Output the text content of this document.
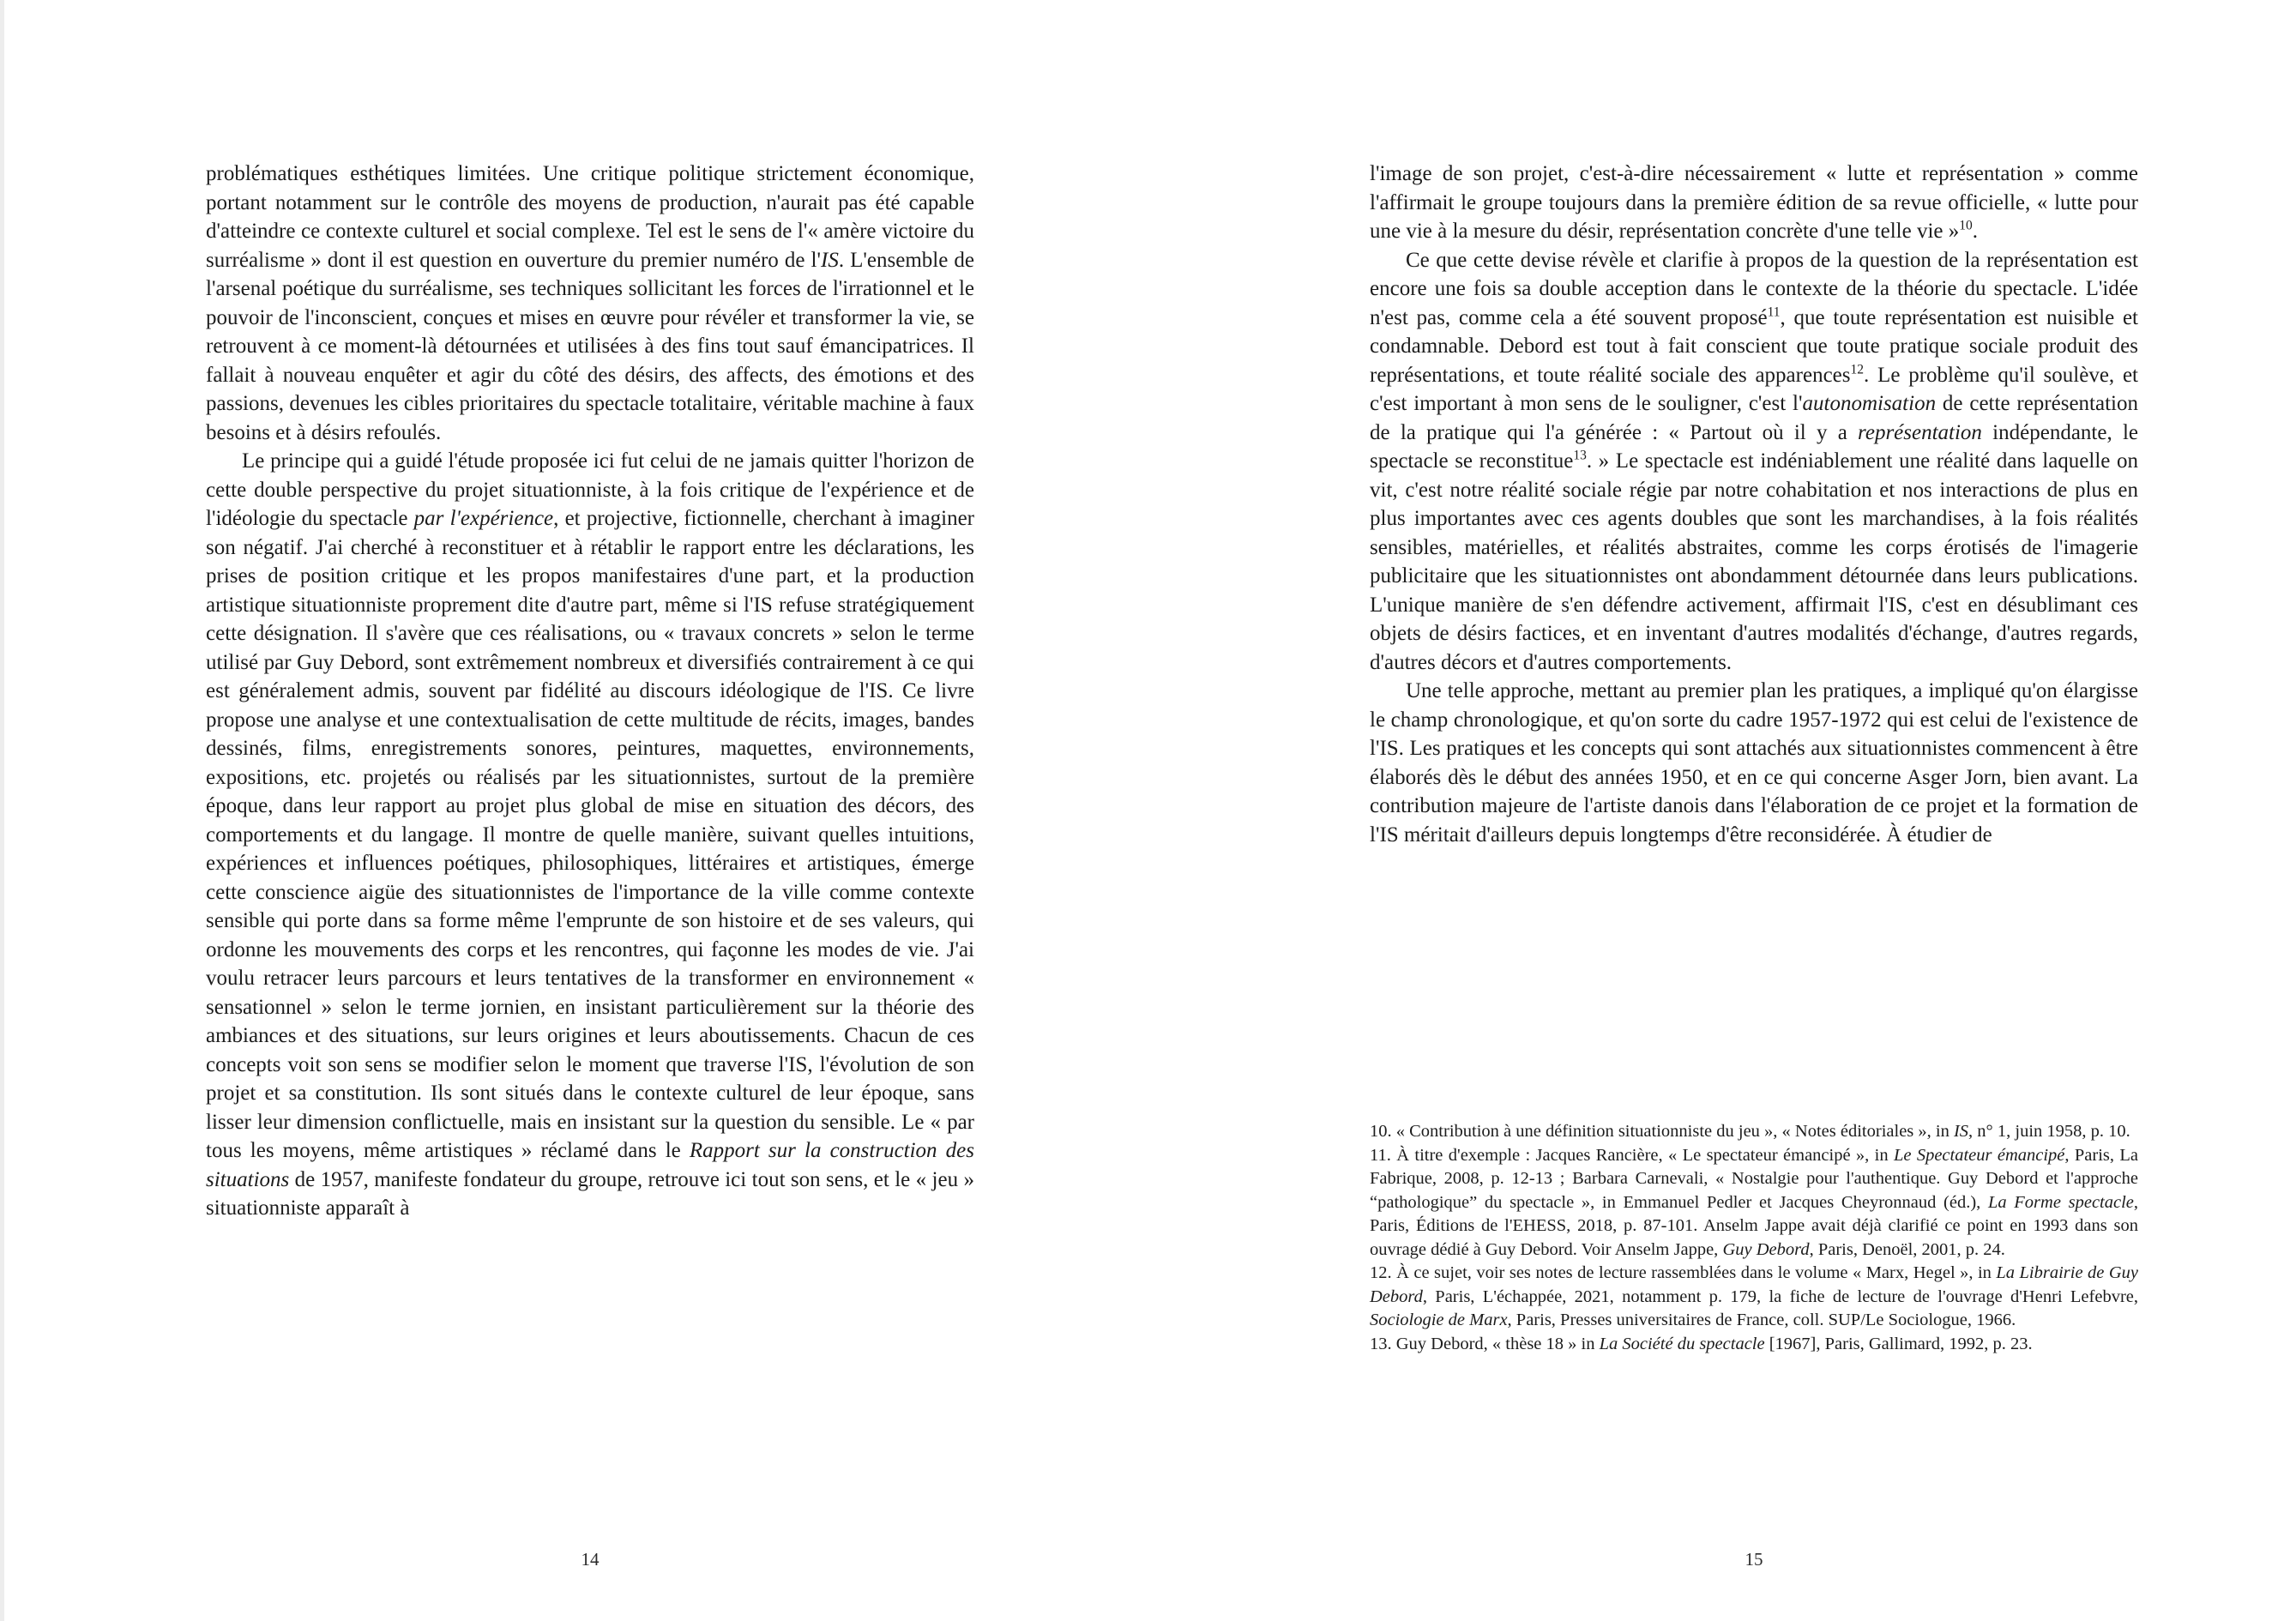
problématiques esthétiques limitées. Une critique politique strictement économique, portant notamment sur le contrôle des moyens de production, n'aurait pas été capable d'atteindre ce contexte culturel et social complexe. Tel est le sens de l'« amère victoire du surréalisme » dont il est question en ouverture du premier numéro de l'IS. L'ensemble de l'arsenal poétique du surréalisme, ses techniques sollicitant les forces de l'irrationnel et le pouvoir de l'inconscient, conçues et mises en œuvre pour révéler et transformer la vie, se retrouvent à ce moment-là détournées et utilisées à des fins tout sauf émancipatrices. Il fallait à nouveau enquêter et agir du côté des désirs, des affects, des émotions et des passions, devenues les cibles prioritaires du spectacle totalitaire, véritable machine à faux besoins et à désirs refoulés.

Le principe qui a guidé l'étude proposée ici fut celui de ne jamais quitter l'horizon de cette double perspective du projet situationniste, à la fois critique de l'expérience et de l'idéologie du spectacle par l'expérience, et projective, fictionnelle, cherchant à imaginer son négatif. J'ai cherché à reconstituer et à rétablir le rapport entre les déclarations, les prises de position critique et les propos manifestaires d'une part, et la production artistique situationniste proprement dite d'autre part, même si l'IS refuse stratégiquement cette désignation. Il s'avère que ces réalisations, ou « travaux concrets » selon le terme utilisé par Guy Debord, sont extrêmement nombreux et diversifiés contrairement à ce qui est généralement admis, souvent par fidélité au discours idéologique de l'IS. Ce livre propose une analyse et une contextualisation de cette multitude de récits, images, bandes dessinés, films, enregistrements sonores, peintures, maquettes, environnements, expositions, etc. projetés ou réalisés par les situationnistes, surtout de la première époque, dans leur rapport au projet plus global de mise en situation des décors, des comportements et du langage. Il montre de quelle manière, suivant quelles intuitions, expériences et influences poétiques, philosophiques, littéraires et artistiques, émerge cette conscience aigüe des situationnistes de l'importance de la ville comme contexte sensible qui porte dans sa forme même l'emprunte de son histoire et de ses valeurs, qui ordonne les mouvements des corps et les rencontres, qui façonne les modes de vie. J'ai voulu retracer leurs parcours et leurs tentatives de la transformer en environnement « sensationnel » selon le terme jornien, en insistant particulièrement sur la théorie des ambiances et des situations, sur leurs origines et leurs aboutissements. Chacun de ces concepts voit son sens se modifier selon le moment que traverse l'IS, l'évolution de son projet et sa constitution. Ils sont situés dans le contexte culturel de leur époque, sans lisser leur dimension conflictuelle, mais en insistant sur la question du sensible. Le « par tous les moyens, même artistiques » réclamé dans le Rapport sur la construction des situations de 1957, manifeste fondateur du groupe, retrouve ici tout son sens, et le « jeu » situationniste apparaît à

14

l'image de son projet, c'est-à-dire nécessairement « lutte et représentation » comme l'affirmait le groupe toujours dans la première édition de sa revue officielle, « lutte pour une vie à la mesure du désir, représentation concrète d'une telle vie »$^{10}$.

Ce que cette devise révèle et clarifie à propos de la question de la représentation est encore une fois sa double acception dans le contexte de la théorie du spectacle. L'idée n'est pas, comme cela a été souvent proposé$^{11}$, que toute représentation est nuisible et condamnable. Debord est tout à fait conscient que toute pratique sociale produit des représentations, et toute réalité sociale des apparences$^{12}$. Le problème qu'il soulève, et c'est important à mon sens de le souligner, c'est l'autonomisation de cette représentation de la pratique qui l'a générée : « Partout où il y a représentation indépendante, le spectacle se reconstitue$^{13}$. » Le spectacle est indéniablement une réalité dans laquelle on vit, c'est notre réalité sociale régie par notre cohabitation et nos interactions de plus en plus importantes avec ces agents doubles que sont les marchandises, à la fois réalités sensibles, matérielles, et réalités abstraites, comme les corps érotisés de l'imagerie publicitaire que les situationnistes ont abondamment détournée dans leurs publications. L'unique manière de s'en défendre activement, affirmait l'IS, c'est en désublimant ces objets de désirs factices, et en inventant d'autres modalités d'échange, d'autres regards, d'autres décors et d'autres comportements.

Une telle approche, mettant au premier plan les pratiques, a impliqué qu'on élargisse le champ chronologique, et qu'on sorte du cadre 1957-1972 qui est celui de l'existence de l'IS. Les pratiques et les concepts qui sont attachés aux situationnistes commencent à être élaborés dès le début des années 1950, et en ce qui concerne Asger Jorn, bien avant. La contribution majeure de l'artiste danois dans l'élaboration de ce projet et la formation de l'IS méritait d'ailleurs depuis longtemps d'être reconsidérée. À étudier de

10. « Contribution à une définition situationniste du jeu », « Notes éditoriales », in IS, n° 1, juin 1958, p. 10.

11. À titre d'exemple : Jacques Rancière, « Le spectateur émancipé », in Le Spectateur émancipé, Paris, La Fabrique, 2008, p. 12-13 ; Barbara Carnevali, « Nostalgie pour l'authentique. Guy Debord et l'approche “pathologique” du spectacle », in Emmanuel Pedler et Jacques Cheyronnaud (éd.), La Forme spectacle, Paris, Éditions de l'EHESS, 2018, p. 87-101. Anselm Jappe avait déjà clarifié ce point en 1993 dans son ouvrage dédié à Guy Debord. Voir Anselm Jappe, Guy Debord, Paris, Denoël, 2001, p. 24.

12. À ce sujet, voir ses notes de lecture rassemblées dans le volume « Marx, Hegel », in La Librairie de Guy Debord, Paris, L'échappée, 2021, notamment p. 179, la fiche de lecture de l'ouvrage d'Henri Lefebvre, Sociologie de Marx, Paris, Presses universitaires de France, coll. SUP/Le Sociologue, 1966.

13. Guy Debord, « thèse 18 » in La Société du spectacle [1967], Paris, Gallimard, 1992, p. 23.

15
